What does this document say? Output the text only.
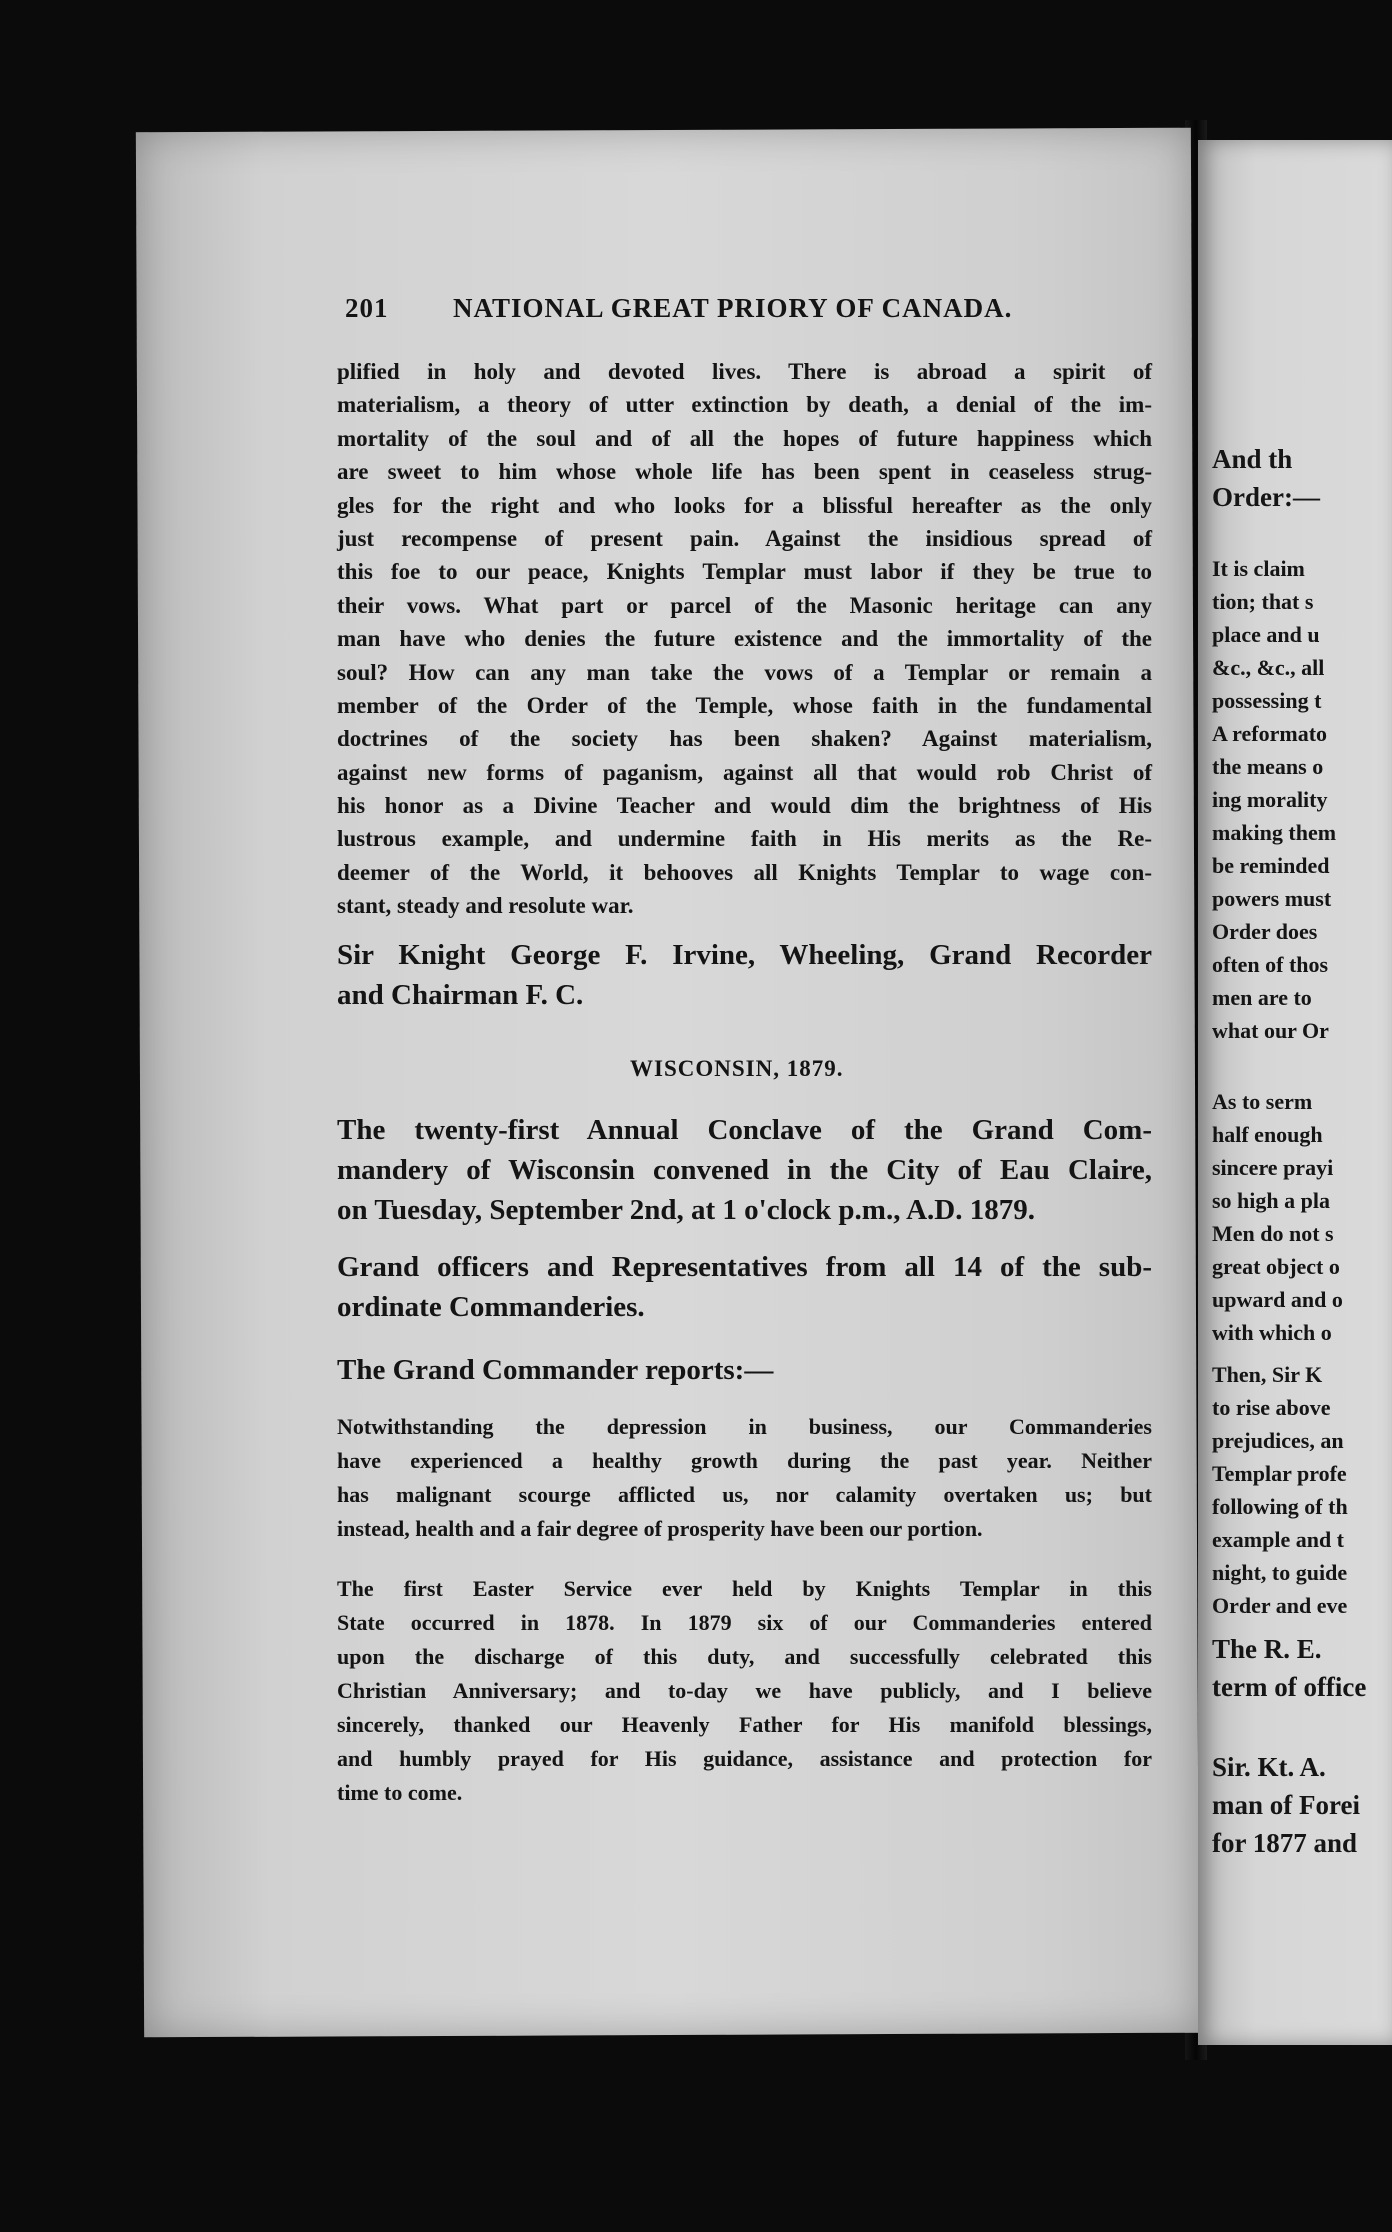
And th
Order:—
It is claim
tion; that s
place and u
&c., &c., all
possessing t
A reformato
the means o
ing morality
making them
be reminded
powers must
Order does
often of thos
men are to
what our Or
As to serm
half enough
sincere prayi
so high a pla
Men do not s
great object o
upward and o
with which o
Then, Sir K
to rise above
prejudices, an
Templar profe
following of th
example and t
night, to guide
Order and eve
The R. E.
term of office
Sir. Kt. A.
man of Forei
for 1877 and
201 NATIONAL GREAT PRIORY OF CANADA.
plified in holy and devoted lives. There is abroad a spirit of
materialism, a theory of utter extinction by death, a denial of the im-
mortality of the soul and of all the hopes of future happiness which
are sweet to him whose whole life has been spent in ceaseless strug-
gles for the right and who looks for a blissful hereafter as the only
just recompense of present pain. Against the insidious spread of
this foe to our peace, Knights Templar must labor if they be true to
their vows. What part or parcel of the Masonic heritage can any
man have who denies the future existence and the immortality of the
soul? How can any man take the vows of a Templar or remain a
member of the Order of the Temple, whose faith in the fundamental
doctrines of the society has been shaken? Against materialism,
against new forms of paganism, against all that would rob Christ of
his honor as a Divine Teacher and would dim the brightness of His
lustrous example, and undermine faith in His merits as the Re-
deemer of the World, it behooves all Knights Templar to wage con-
stant, steady and resolute war.
Sir Knight George F. Irvine, Wheeling, Grand Recorder
and Chairman F. C.
WISCONSIN, 1879.
The twenty-first Annual Conclave of the Grand Com-
mandery of Wisconsin convened in the City of Eau Claire,
on Tuesday, September 2nd, at 1 o'clock p.m., A.D. 1879.
Grand officers and Representatives from all 14 of the sub-
ordinate Commanderies.
The Grand Commander reports:—
Notwithstanding the depression in business, our Commanderies
have experienced a healthy growth during the past year. Neither
has malignant scourge afflicted us, nor calamity overtaken us; but
instead, health and a fair degree of prosperity have been our portion.
The first Easter Service ever held by Knights Templar in this
State occurred in 1878. In 1879 six of our Commanderies entered
upon the discharge of this duty, and successfully celebrated this
Christian Anniversary; and to-day we have publicly, and I believe
sincerely, thanked our Heavenly Father for His manifold blessings,
and humbly prayed for His guidance, assistance and protection for
time to come.
